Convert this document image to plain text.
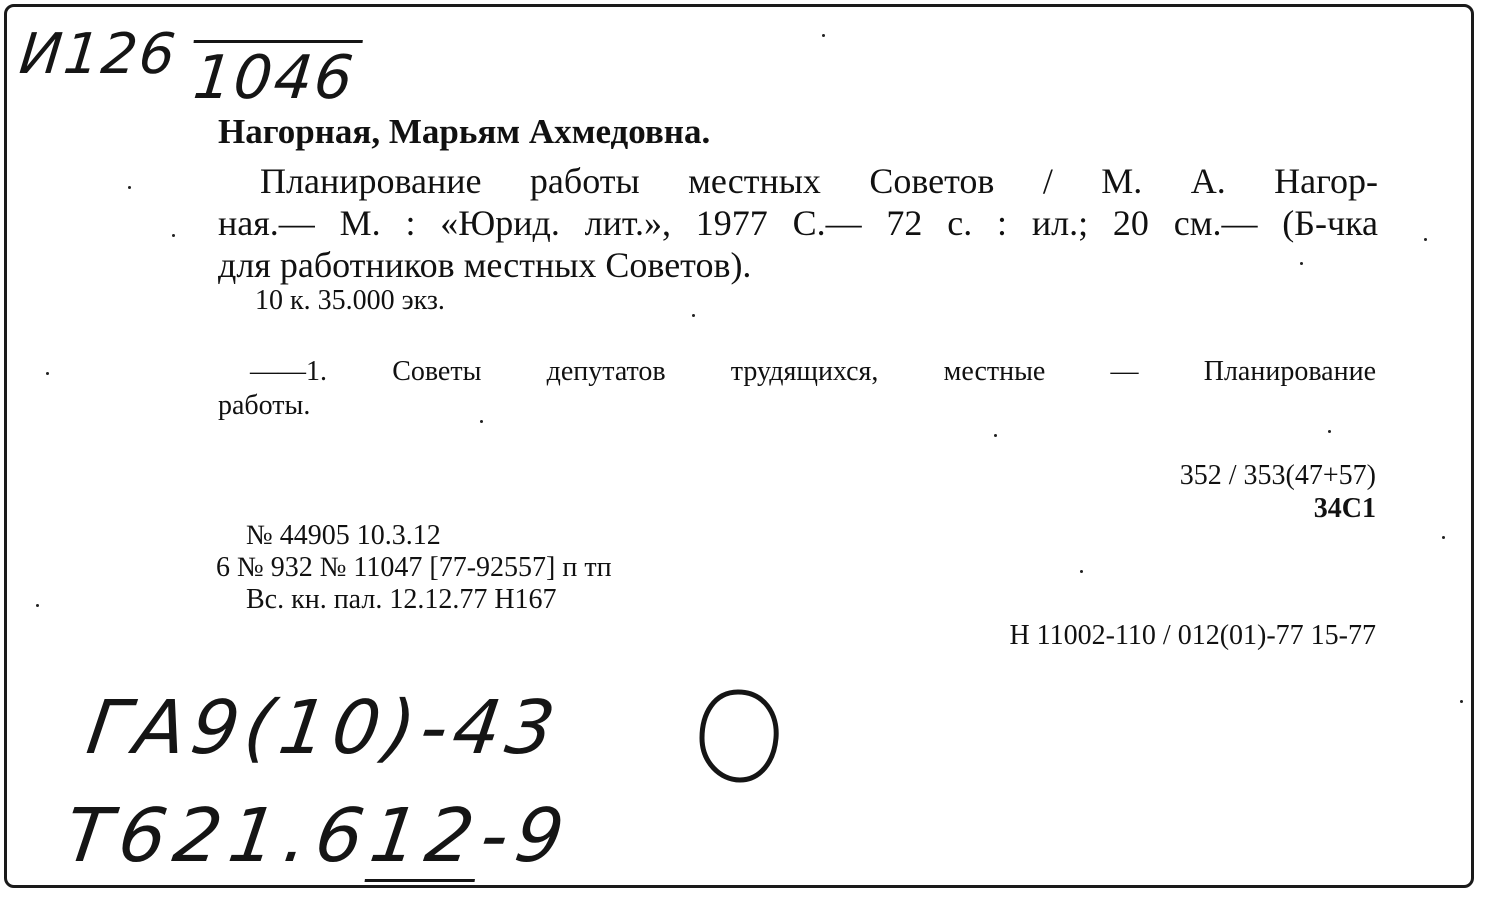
И126 1046
Нагорная, Марьям Ахмедовна.
Планирование работы местных Советов / М. А. Нагор-
ная.— М. : «Юрид. лит.», 1977 С.— 72 с. : ил.; 20 см.— (Б-чка
для работников местных Советов).
10 к. 35.000 экз.
——1. Советы депутатов трудящихся, местные — Планирование
работы.
352 / 353(47+57)
34С1
№ 44905 10.3.12
6 № 932 № 11047 [77-92557] п тп
Вс. кн. пал. 12.12.77 Н167
Н 11002-110 / 012(01)-77 15-77
ГА9(10)-43
Т621.612-9
